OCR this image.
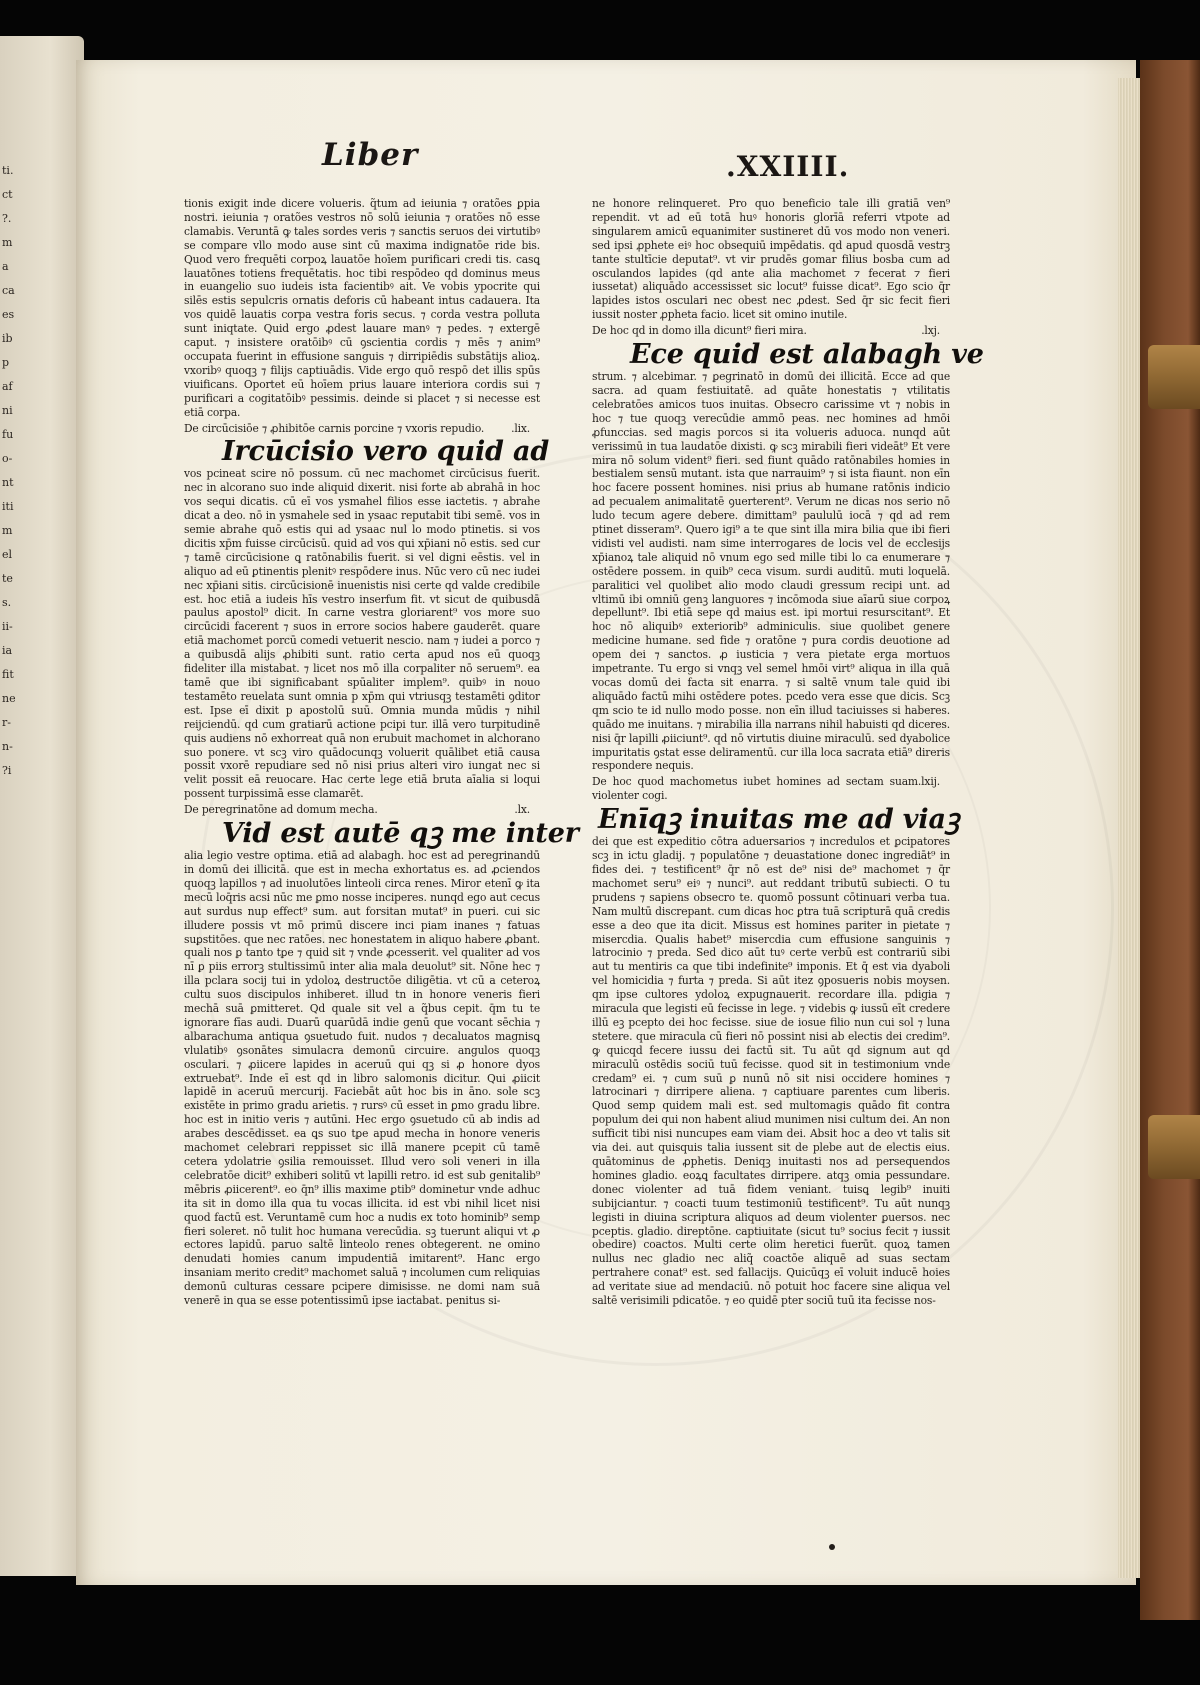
ti.
ct
?.
m
a
ca
es
ib
p
af
ni
fu
o-
nt
iti
m
el
te
s.
ii-
ia
fit
ne
r-
n-
?i
Liber	.XXIIII.

tionis exigit inde dicere volueris. q̃tum ad ieiunia ⁊ oratões ꝑpia nostri. ieiunia ⁊ oratões vestros nō solū ieiunia ⁊ oratões nō esse clamabis. Veruntā ꝙ tales sordes veris ⁊ sanctis seruos dei virtutibꝰ se compare vllo modo ause sint cū maxima indignatōe ride bis. Quod vero frequēti corpoꝝ lauatōe hoīem purificari credi tis. casꝗ lauatōnes totiens frequētatis. hoc tibi respōdeo qd dominus meus in euangelio suo iudeis ista facientibꝰ ait. Ve vobis ypocrite qui silēs estis sepulcris ornatis deforis cū habeant intus cadauera. Ita vos quidē lauatis corpa vestra foris secus. ⁊ corda vestra polluta sunt iniqtate. Quid ergo ꝓdest lauare manꝰ ⁊ pedes. ⁊ extergē caput. ⁊ insistere oratōibꝰ cū ꝯscientia cordis ⁊ mēs ⁊ anim⁹ occupata fuerint in effusione sanguis ⁊ dirripiēdis substātijs alioꝝ. vxoribꝰ quoqꝫ ⁊ filijs captiuādis. Vide ergo quō respō det illis spūs viuificans. Oportet eū hoīem prius lauare interiora cordis sui ⁊ purificari a cogitatōibꝰ pessimis. deinde si placet ⁊ si necesse est etiā corpa.

De circūcisiōe ⁊ ꝓhibitōe carnis porcine ⁊ vxoris repudio.	.lix.
Ircūcisio vero quid ad

vos pcineat scire nō possum. cū nec machomet circūcisus fuerit. nec in alcorano suo inde aliquid dixerit. nisi forte ab abrahā in hoc vos sequi dicatis. cū eī vos ysmahel filios esse iactetis. ⁊ abrahe dicat a deo. nō in ysmahele sed in ysaac reputabit tibi semē. vos in semie abrahe quō estis qui ad ysaac nul lo modo ptinetis. si vos dicitis xp̄m fuisse circūcisū. quid ad vos qui xp̄iani nō estis. sed cur ⁊ tamē circūcisione ꝗ ratōnabilis fuerit. si vel digni eēstis. vel in aliquo ad eū ꝑtinentis plenitꝰ respōdere inus. Nūc vero cū nec iudei nec xp̄iani sitis. circūcisionē inuenistis nisi certe qd valde credibile est. hoc etiā a iudeis hīs vestro inserfum fit. vt sicut de quibusdā paulus apostol⁹ dicit. In carne vestra gloriarent⁹ vos more suo circūcidi facerent ⁊ suos in errore socios habere gauderēt. quare etiā machomet porcū comedi vetuerit nescio. nam ⁊ iudei a porco ⁊ a quibusdā alijs ꝓhibiti sunt. ratio certa apud nos eū quoqꝫ fideliter illa mistabat. ⁊ licet nos mō illa corpaliter nō seruem⁹. ea tamē que ibi significabant spūaliter implem⁹. quibꝰ in nouo testamēto reuelata sunt omnia p xp̄m qui vtriusqꝫ testamēti ꝯditor est. Ipse eī dixit p apostolū suū. Omnia munda mūdis ⁊ nihil reijciendū. qd cum gratiarū actione pcipi tur. illā vero turpitudinē quis audiens nō exhorreat quā non erubuit machomet in alchorano suo ponere. vt scꝫ viro quādocunqꝫ voluerit quālibet etiā causa possit vxorē repudiare sed nō nisi prius alteri viro iungat nec si velit possit eā reuocare. Hac certe lege etiā bruta aīalia si loqui possent turpissimā esse clamarēt.

De peregrinatōne ad domum mecha.	.lx.
Vid est autē qꝫ me inter

alia legio vestre optima. etiā ad alabagh. hoc est ad peregrinandū in domū dei illicitā. que est in mecha exhortatus es. ad ꝓciendos quoqꝫ lapillos ⁊ ad inuolutōes linteoli circa renes. Miror etenī ꝙ ita mecū loq̄ris acsi nūc me ꝑmo nosse inciperes. nunqd ego aut cecus aut surdus nup effect⁹ sum. aut forsitan mutat⁹ in pueri. cui sic illudere possis vt mō primū discere inci piam inanes ⁊ fatuas suꝑstitōes. que nec ratōes. nec honestatem in aliquo habere ꝓbant. quali nos ꝑ tanto tꝑe ⁊ quid sit ⁊ vnde ꝓcesserit. vel qualiter ad vos nī ꝑ piis errorꝫ stultissimū inter alia mala deuolut⁹ sit. Nōne hec ⁊ illa pclara socij tui in ydoloꝝ destructōe diligētia. vt cū a ceteroꝝ cultu suos discipulos inhiberet. illud tn in honore veneris fieri mechā suā ꝑmitteret. Qd quale sit vel a q̃bus cepit. q̄m tu te ignorare fīas audi. Duarū quarūdā indie genū que vocant sēchia ⁊ albarachuma antiqua ꝯsuetudo fuit. nudos ⁊ decaluatos magnisꝗ vlulatibꝰ ꝯsonātes simulacra demonū circuire. angulos quoqꝫ osculari. ⁊ ꝓiicere lapides in aceruū qui qꝫ si ꝓ honore dyos extruebat⁹. Inde eī est qd in libro salomonis dicitur. Qui ꝓiicit lapidē in aceruū mercurij. Faciebāt aūt hoc bis in āno. sole scꝫ existēte in primo gradu arietis. ⁊ rursꝰ cū esset in ꝑmo gradu libre. hoc est in initio veris ⁊ autūni. Hec ergo ꝯsuetudo cū ab indis ad arabes descēdisset. ea ꝗs suo tꝑe apud mecha in honore veneris machomet celebrari reppisset sic illā manere pcepit cū tamē cetera ydolatrie ꝯsilia remouisset. Illud vero soli veneri in illa celebratōe dicit⁹ exhiberi solitū vt lapilli retro. id est sub genitalib⁹ mēbris ꝓiicerent⁹. eo q̄n⁹ illis maxime ꝑtib⁹ dominetur vnde adhuc ita sit in domo illa qua tu vocas illicita. id est vbi nihil licet nisi quod factū est. Veruntamē cum hoc a nudis ex toto hominib⁹ semp fieri soleret. nō tulit hoc humana verecūdia. sꝫ tuerunt aliqui vt ꝓ ectores lapidū. paruo saltē linteolo renes obtegerent. ne omino denudati homies canum impudentiā imitarent⁹. Hanc ergo insaniam merito credit⁹ machomet saluā ⁊ incolumen cum reliquias demonū culturas cessare pcipere dimisisse. ne domi nam suā venerē in qua se esse potentissimū ipse iactabat. penitus si-

ne honore relinqueret. Pro quo beneficio tale illi gratiā ven⁹ rependit. vt ad eū totā huꝰ honoris glorīā referri vtpote ad singularem amicū equanimiter sustineret dū vos modo non veneri. sed ipsi ꝓphete eiꝰ hoc obsequiū impēdatis. qd apud quosdā vestrꝫ tante stultīcie deputat⁹. vt vir prudēs gomar filius bosba cum ad osculandos lapides (qd ante alia machomet ⁊ fecerat ⁊ fieri iussetat) aliquādo accessisset sic locut⁹ fuisse dicat⁹. Ego scio q̄r lapides istos osculari nec obest nec ꝓdest. Sed q̄r sic fecit fieri iussit noster ꝓpheta facio. licet sit omino inutile.

De hoc qd in domo illa dicunt⁹ fieri mira.	.lxj.
Ece quid est alabagh ve

strum. ⁊ alcebimar. ⁊ ꝑegrinatō in domū dei illicitā. Ecce ad que sacra. ad quam festiuitatē. ad quāte honestatis ⁊ vtilitatis celebratōes amicos tuos inuitas. Obsecro carissime vt ⁊ nobis in hoc ⁊ tue quoqꝫ verecūdie ammō peas. nec homines ad hmōi ꝓfunccias. sed magis porcos si ita volueris aduoca. nunqd aūt verissimū in tua laudatōe dixisti. ꝙ scꝫ mirabili fieri videāt⁹ Et vere mira nō solum vident⁹ fieri. sed fiunt quādo ratōnabiles homies in bestialem sensū mutant. ista que narrauim⁹ ⁊ si ista fiaunt. non eīn hoc facere possent homines. nisi prius ab humane ratōnis indicio ad pecualem animalitatē ꝯuerterent⁹. Verum ne dicas nos serio nō ludo tecum agere debere. dimittam⁹ paululū iocā ⁊ qd ad rem ptinet disseram⁹. Quero igi⁹ a te que sint illa mira bilia que ibi fieri vidisti vel audisti. nam sime interrogares de locis vel de ecclesijs xp̄ianoꝝ tale aliquid nō vnum ego sed mille tibi lo ca enumerare ⁊ ostēdere possem. in quib⁹ ceca visum. surdi auditū. muti loquelā. paralitici vel quolibet alio modo claudi gressum recipi unt. ad vltimū ibi omniū genꝫ languores ⁊ incōmoda siue aīarū siue corpoꝝ depellunt⁹. Ibi etiā sepe qd maius est. ipi mortui resurscitant⁹. Et hoc nō aliquibꝰ exteriorib⁹ adminiculis. siue quolibet genere medicine humane. sed fide ⁊ oratōne ⁊ pura cordis deuotione ad opem dei ⁊ sanctos. ꝓ iusticia ⁊ vera pietate erga mortuos impetrante. Tu ergo si vnqꝫ vel semel hmōi virt⁹ aliqua in illa quā vocas domū dei facta sit enarra. ⁊ si saltē vnum tale quid ibi aliquādo factū mihi ostēdere potes. pcedo vera esse que dicis. Scꝫ qm scio te id nullo modo posse. non eīn illud taciuisses si haberes. quādo me inuitans. ⁊ mirabilia illa narrans nihil habuisti qd diceres. nisi q̄r lapilli ꝓiiciunt⁹. qd nō virtutis diuine miraculū. sed dyabolice impuritatis ꝯstat esse deliramentū. cur illa loca sacrata etiā⁹ direris respondere nequis.

De hoc quod machometus iubet homines ad sectam suam violenter cogi.
.lxij.
Enīqꝫ inuitas me ad viaꝫ

dei que est expeditio cōtra aduersarios ⁊ incredulos et ꝑcipatores scꝫ in ictu gladij. ⁊ populatōne ⁊ deuastatione donec ingrediāt⁹ in fides dei. ⁊ testificent⁹ q̄r nō est de⁹ nisi de⁹ machomet ⁊ q̄r machomet seru⁹ eiꝰ ⁊ nunci⁹. aut reddant tributū subiecti. O tu prudens ⁊ sapiens obsecro te. quomō possunt cōtinuari verba tua. Nam multū discrepant. cum dicas hoc ꝑtra tuā scripturā quā credis esse a deo que ita dicit. Missus est homines pariter in pietate ⁊ misercdia. Qualis habet⁹ misercdia cum effusione sanguinis ⁊ latrocinio ⁊ preda. Sed dico aūt tuꝰ certe verbū est contrariū sibi aut tu mentiris ca que tibi indefinite⁹ imponis. Et q̄ est via dyaboli vel homicidia ⁊ furta ⁊ preda. Si aūt itez ꝯposueris nobis moysen. qm ipse cultores ydoloꝝ expugnauerit. recordare illa. pdigia ⁊ miracula que legisti eū fecisse in lege. ⁊ videbis ꝙ iussū eīt credere illū eꝫ pcepto dei hoc fecisse. siue de iosue filio nun cui sol ⁊ luna stetere. que miracula cū fieri nō possint nisi ab electis dei credim⁹. ꝙ quicqd fecere iussu dei factū sit. Tu aūt qd signum aut qd miraculū ostēdis sociū tuū fecisse. quod sit in testimonium vnde credam⁹ ei. ⁊ cum suū ꝑ nunū nō sit nisi occidere homines ⁊ latrocinari ⁊ dirripere aliena. ⁊ captiuare parentes cum liberis. Quod semp quidem mali est. sed multomagis quādo fit contra populum dei qui non habent aliud munimen nisi cultum dei. An non sufficit tibi nisi nuncupes eam viam dei. Absit hoc a deo vt talis sit via dei. aut quisquis talia iussent sit de plebe aut de electis eius. quātominus de ꝓphetis. Deniqꝫ inuitasti nos ad persequendos homines gladio. eoꝝꝗ facultates dirripere. atqꝫ omia pessundare. donec violenter ad tuā fidem veniant. tuisꝗ legib⁹ inuiti subijciantur. ⁊ coacti tuum testimoniū testificent⁹. Tu aūt nunqꝫ legisti in diuina scriptura aliquos ad deum violenter ꝑuersos. nec pceptis. gladio. direptōne. captiuitate (sicut tu⁹ socius fecit ⁊ iussit obedire) coactos. Multi certe olim heretici fuerūt. quoꝝ tamen nullus nec gladio nec aliq̃ coactōe aliquē ad suas sectam pertrahere conat⁹ est. sed fallacijs. Quicūqꝫ eī voluit inducē hoies ad veritate siue ad mendaciū. nō potuit hoc facere sine aliqua vel saltē verisimili pdicatōe. ⁊ eo quidē pter sociū tuū ita fecisse nos-
